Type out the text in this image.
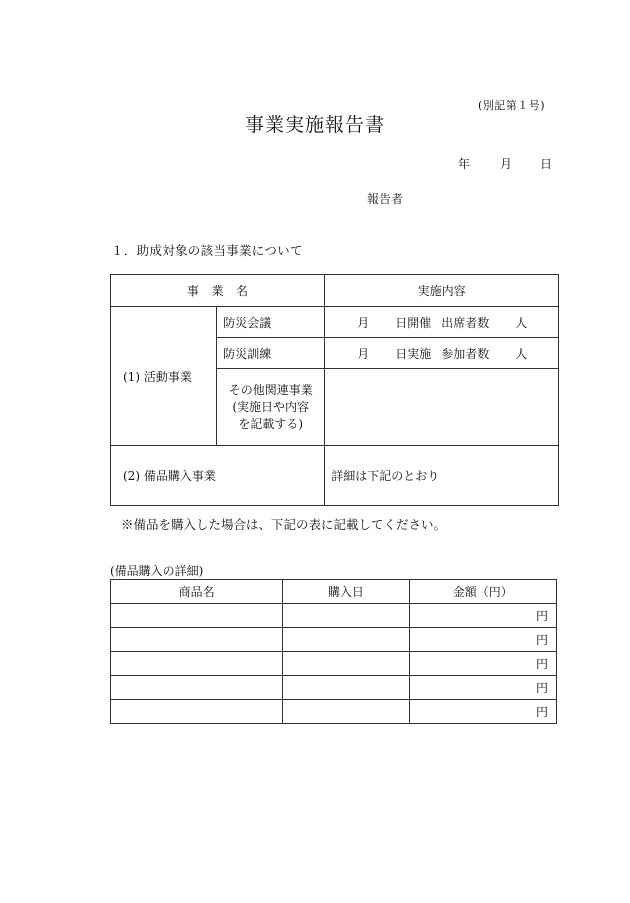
(別記第１号)
事業実施報告書
年 月 日
報告者
１．助成対象の該当事業について
事　業　名		実施内容
(1) 活動事業	防災会議	月 日開催 出席者数 人

	防災訓練	月 日実施 参加者数 人

	その他関連事業
(実施日や内容
を記載する)	

(2) 備品購入事業		詳細は下記のとおり
※備品を購入した場合は、下記の表に記載してください。
(備品購入の詳細)
商品名	購入日	金額（円）
		円
		円
		円
		円
		円
